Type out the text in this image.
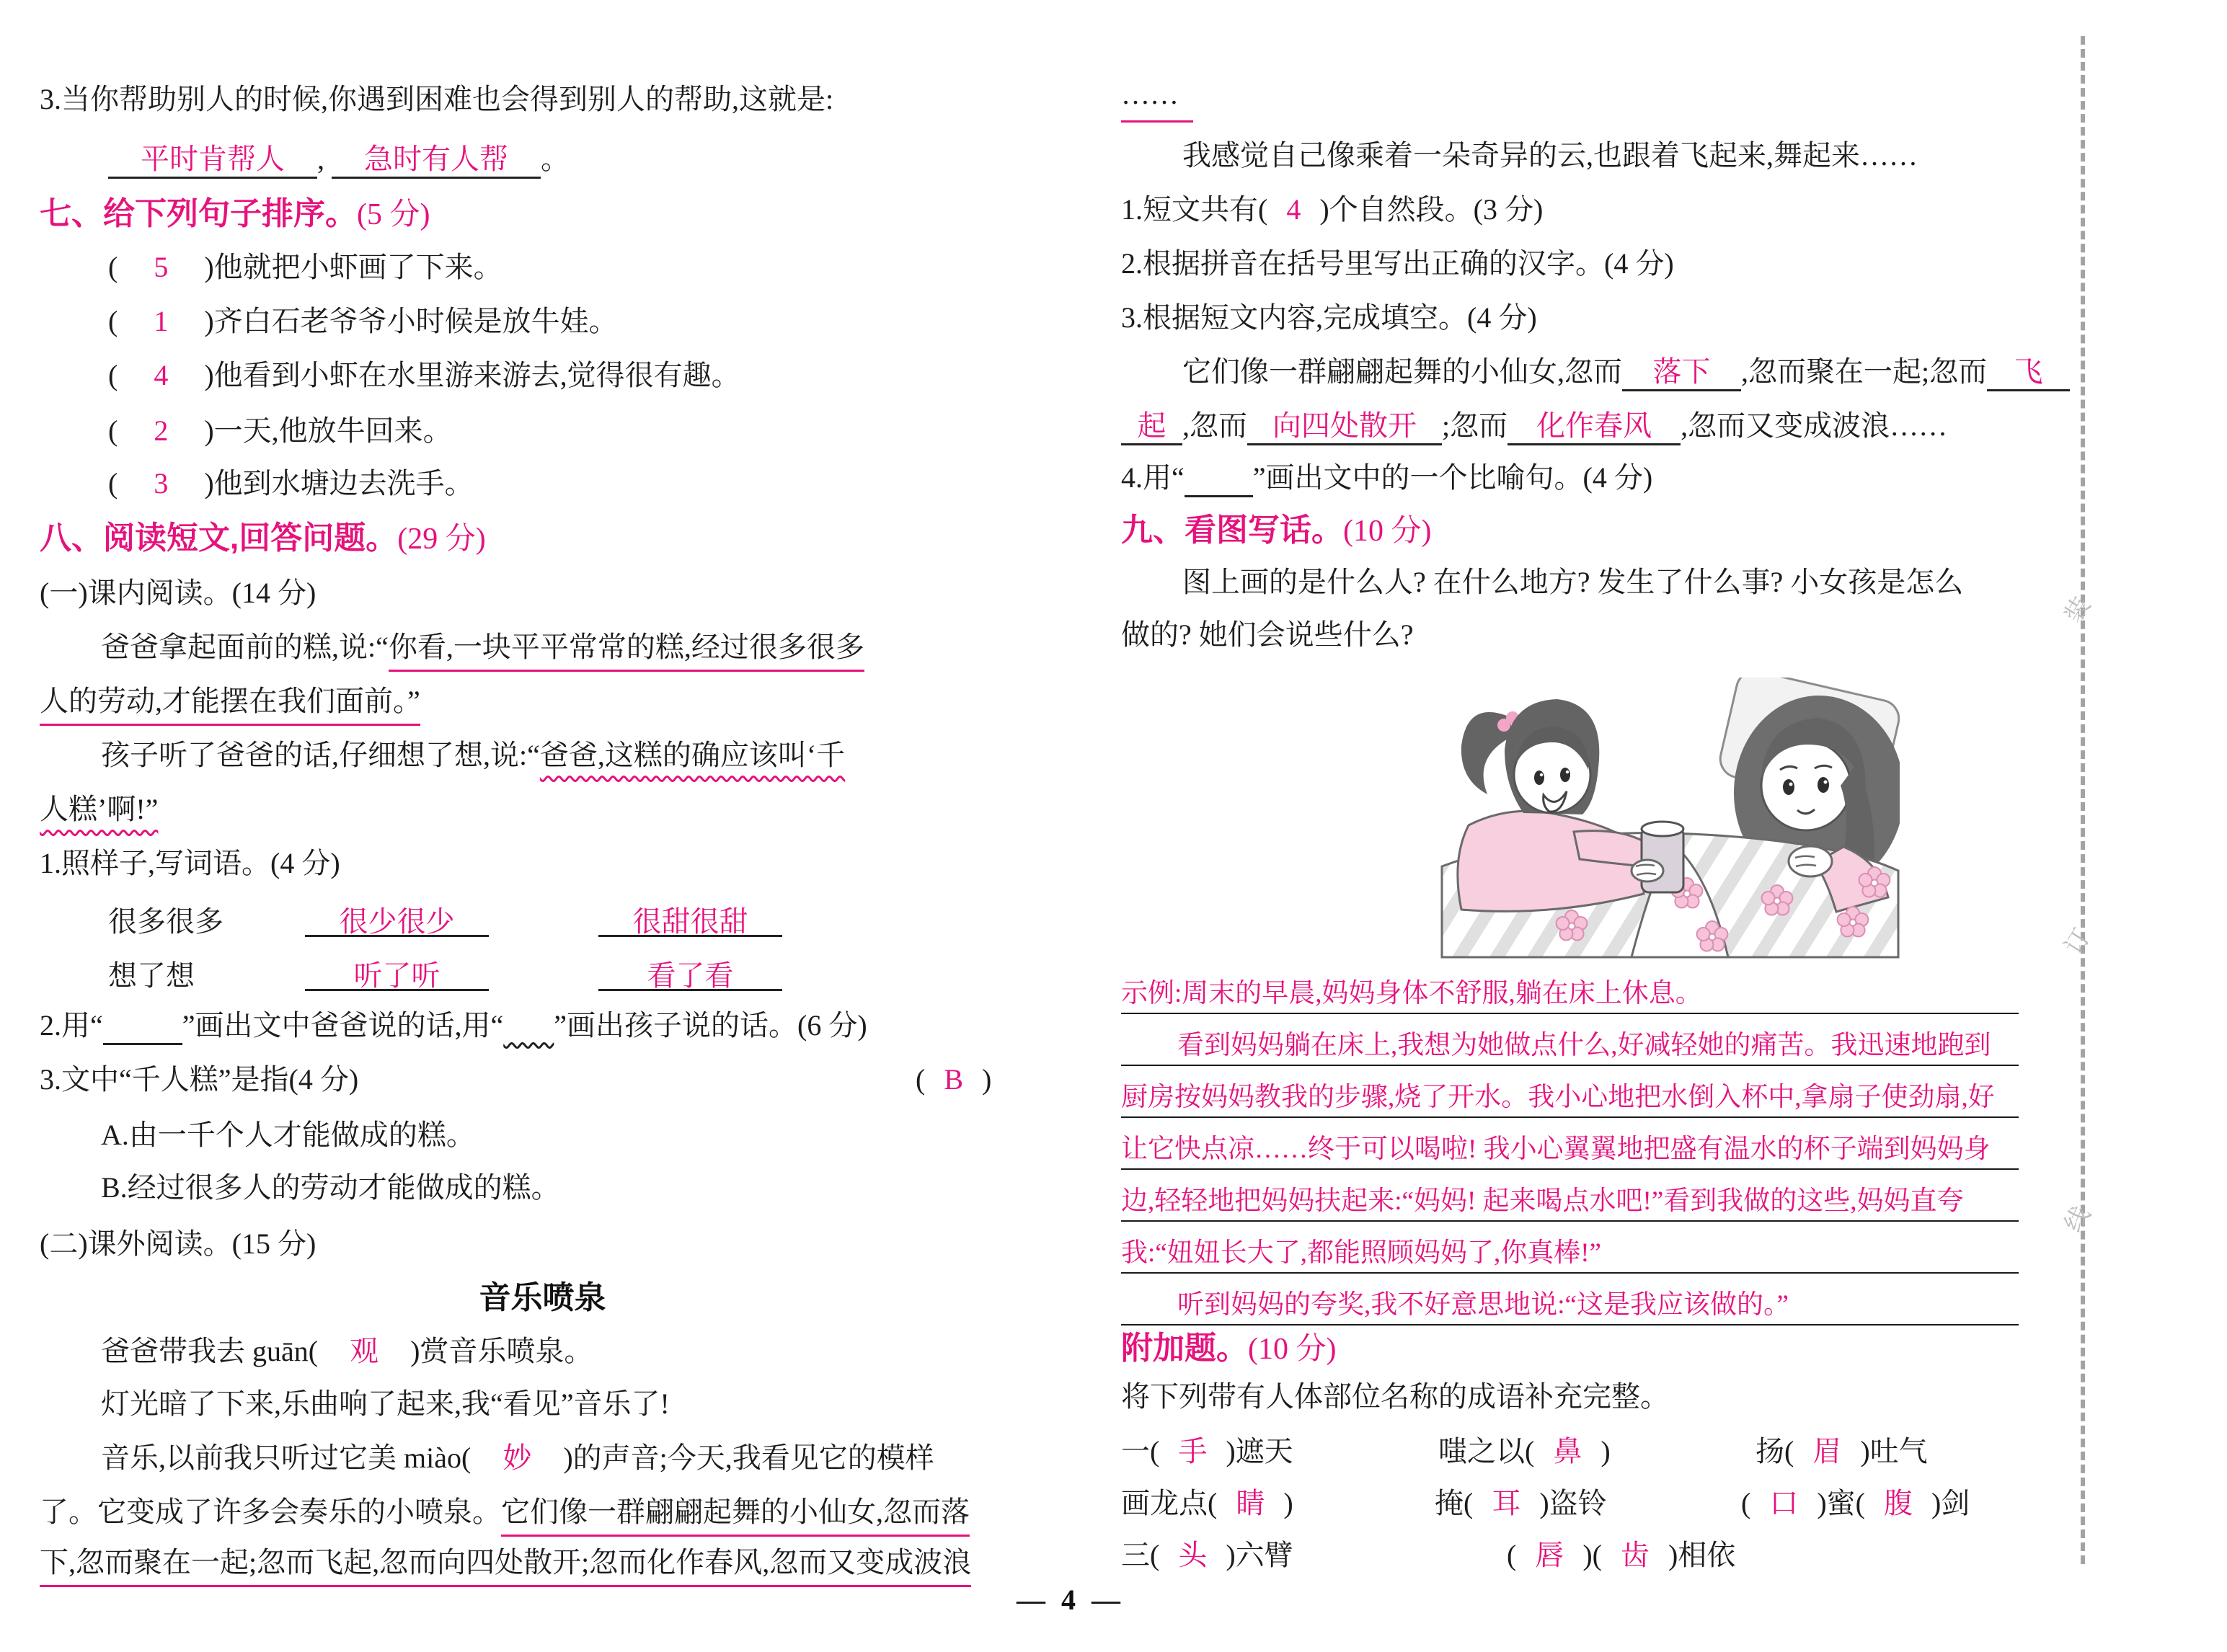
3.当你帮助别人的时候,你遇到困难也会得到别人的帮助,这就是:
平时肯帮人 , 急时有人帮 。
七、给下列句子排序。(5 分)
( 5 )他就把小虾画了下来。
( 1 )齐白石老爷爷小时候是放牛娃。
( 4 )他看到小虾在水里游来游去,觉得很有趣。
( 2 )一天,他放牛回来。
( 3 )他到水塘边去洗手。
八、阅读短文,回答问题。(29 分)
(一)课内阅读。(14 分)
爸爸拿起面前的糕,说:“你看,一块平平常常的糕,经过很多很多
人的劳动,才能摆在我们面前。”
孩子听了爸爸的话,仔细想了想,说:“爸爸,这糕的确应该叫‘千
人糕’啊!”
1.照样子,写词语。(4 分)
很多很多	很少很少	很甜很甜
想了想	听了听	看了看
2.用“	”画出文中爸爸说的话,用“ ”画出孩子说的话。(6 分)
3.文中“千人糕”是指(4 分)	( B )
A.由一千个人才能做成的糕。
B.经过很多人的劳动才能做成的糕。
(二)课外阅读。(15 分)
音乐喷泉
爸爸带我去 guān( 观 )赏音乐喷泉。
灯光暗了下来,乐曲响了起来,我“看见”音乐了!
音乐,以前我只听过它美 miào( 妙 )的声音;今天,我看见它的模样
了。它变成了许多会奏乐的小喷泉。它们像一群翩翩起舞的小仙女,忽而落
下,忽而聚在一起;忽而飞起,忽而向四处散开;忽而化作春风,忽而又变成波浪
……
我感觉自己像乘着一朵奇异的云,也跟着飞起来,舞起来……
1.短文共有( 4 )个自然段。(3 分)
2.根据拼音在括号里写出正确的汉字。(4 分)
3.根据短文内容,完成填空。(4 分)
它们像一群翩翩起舞的小仙女,忽而 落下 ,忽而聚在一起;忽而 飞
起 ,忽而 向四处散开 ;忽而 化作春风 ,忽而又变成波浪……
4.用“ ”画出文中的一个比喻句。(4 分)
九、看图写话。(10 分)
图上画的是什么人? 在什么地方? 发生了什么事? 小女孩是怎么
做的? 她们会说些什么?
示例:周末的早晨,妈妈身体不舒服,躺在床上休息。
看到妈妈躺在床上,我想为她做点什么,好减轻她的痛苦。我迅速地跑到
厨房按妈妈教我的步骤,烧了开水。我小心地把水倒入杯中,拿扇子使劲扇,好
让它快点凉……终于可以喝啦! 我小心翼翼地把盛有温水的杯子端到妈妈身
边,轻轻地把妈妈扶起来:“妈妈! 起来喝点水吧!”看到我做的这些,妈妈直夸
我:“妞妞长大了,都能照顾妈妈了,你真棒!”
听到妈妈的夸奖,我不好意思地说:“这是我应该做的。”
附加题。(10 分)
将下列带有人体部位名称的成语补充完整。
一( 手 )遮天	嗤之以( 鼻 )	扬( 眉 )吐气
画龙点( 睛 )	掩( 耳 )盗铃	( 口 )蜜( 腹 )剑
三( 头 )六臂	( 唇 )( 齿 )相依
装
订
线
— 4 —
